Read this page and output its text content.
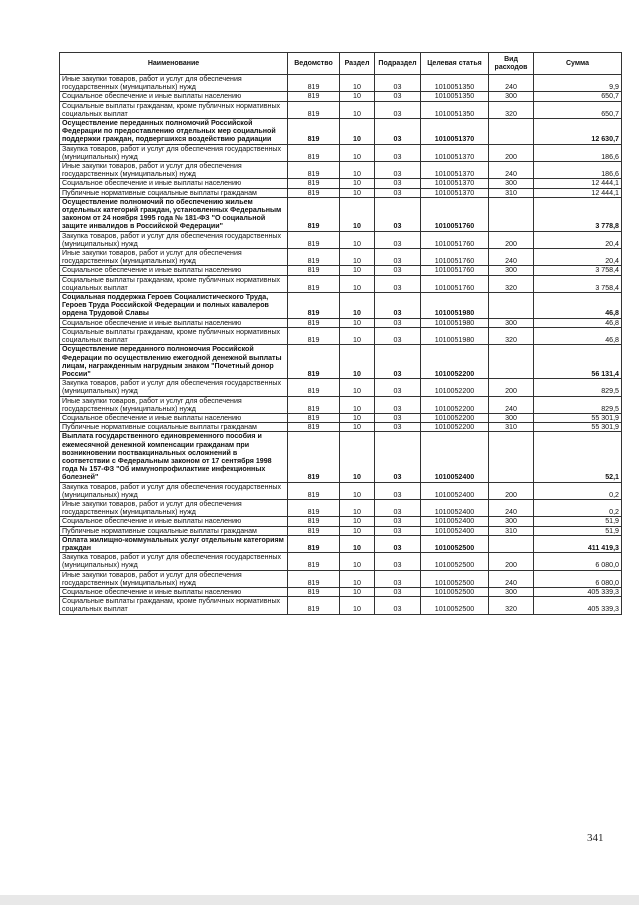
Наименование	Ведомство	Раздел	Подраздел	Целевая статья	Вид расходов	Сумма
Иные закупки товаров, работ и услуг для обеспечения государственных (муниципальных) нужд	819	10	03	1010051350	240	9,9
Социальное обеспечение и иные выплаты населению	819	10	03	1010051350	300	650,7
Социальные выплаты гражданам, кроме публичных нормативных социальных выплат	819	10	03	1010051350	320	650,7
Осуществление переданных полномочий Российской Федерации по предоставлению отдельных мер социальной поддержки граждан, подвергшихся воздействию радиации	819	10	03	1010051370		12 630,7
Закупка товаров, работ и услуг для обеспечения государственных (муниципальных) нужд	819	10	03	1010051370	200	186,6
Иные закупки товаров, работ и услуг для обеспечения государственных (муниципальных) нужд	819	10	03	1010051370	240	186,6
Социальное обеспечение и иные выплаты населению	819	10	03	1010051370	300	12 444,1
Публичные нормативные социальные выплаты гражданам	819	10	03	1010051370	310	12 444,1
Осуществление полномочий по обеспечению жильем отдельных категорий граждан, установленных Федеральным законом от 24 ноября 1995 года № 181-ФЗ "О социальной защите инвалидов в Российской Федерации"	819	10	03	1010051760		3 778,8
Закупка товаров, работ и услуг для обеспечения государственных (муниципальных) нужд	819	10	03	1010051760	200	20,4
Иные закупки товаров, работ и услуг для обеспечения государственных (муниципальных) нужд	819	10	03	1010051760	240	20,4
Социальное обеспечение и иные выплаты населению	819	10	03	1010051760	300	3 758,4
Социальные выплаты гражданам, кроме публичных нормативных социальных выплат	819	10	03	1010051760	320	3 758,4
Социальная поддержка Героев Социалистического Труда, Героев Труда Российской Федерации и полных кавалеров ордена Трудовой Славы	819	10	03	1010051980		46,8
Социальное обеспечение и иные выплаты населению	819	10	03	1010051980	300	46,8
Социальные выплаты гражданам, кроме публичных нормативных социальных выплат	819	10	03	1010051980	320	46,8
Осуществление переданного полномочия Российской Федерации по осуществлению ежегодной денежной выплаты лицам, награжденным нагрудным знаком "Почетный донор России"	819	10	03	1010052200		56 131,4
Закупка товаров, работ и услуг для обеспечения государственных (муниципальных) нужд	819	10	03	1010052200	200	829,5
Иные закупки товаров, работ и услуг для обеспечения государственных (муниципальных) нужд	819	10	03	1010052200	240	829,5
Социальное обеспечение и иные выплаты населению	819	10	03	1010052200	300	55 301,9
Публичные нормативные социальные выплаты гражданам	819	10	03	1010052200	310	55 301,9
Выплата государственного единовременного пособия и ежемесячной денежной компенсации гражданам при возникновении поствакцинальных осложнений в соответствии с Федеральным законом от 17 сентября 1998 года № 157-ФЗ "Об иммунопрофилактике инфекционных болезней"	819	10	03	1010052400		52,1
Закупка товаров, работ и услуг для обеспечения государственных (муниципальных) нужд	819	10	03	1010052400	200	0,2
Иные закупки товаров, работ и услуг для обеспечения государственных (муниципальных) нужд	819	10	03	1010052400	240	0,2
Социальное обеспечение и иные выплаты населению	819	10	03	1010052400	300	51,9
Публичные нормативные социальные выплаты гражданам	819	10	03	1010052400	310	51,9
Оплата жилищно-коммунальных услуг отдельным категориям граждан	819	10	03	1010052500		411 419,3
Закупка товаров, работ и услуг для обеспечения государственных (муниципальных) нужд	819	10	03	1010052500	200	6 080,0
Иные закупки товаров, работ и услуг для обеспечения государственных (муниципальных) нужд	819	10	03	1010052500	240	6 080,0
Социальное обеспечение и иные выплаты населению	819	10	03	1010052500	300	405 339,3
Социальные выплаты гражданам, кроме публичных нормативных социальных выплат	819	10	03	1010052500	320	405 339,3
341
